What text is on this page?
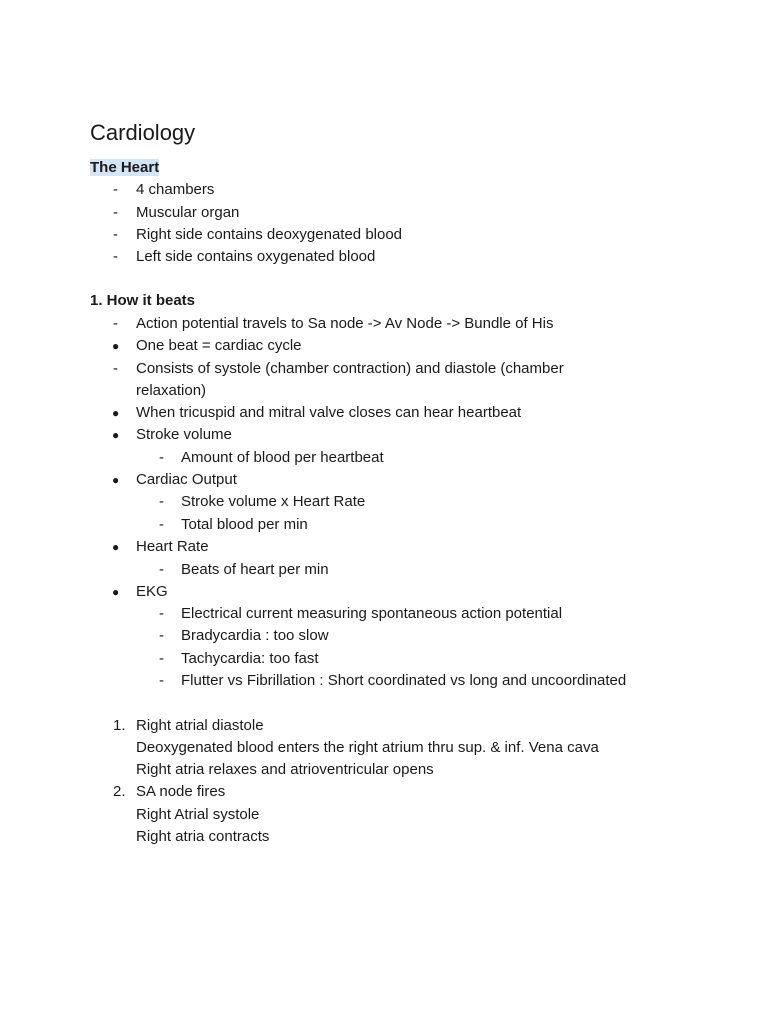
Cardiology
The Heart
- 4 chambers
- Muscular organ
- Right side contains deoxygenated blood
- Left side contains oxygenated blood
1. How it beats
- Action potential travels to Sa node -> Av Node -> Bundle of His
● One beat = cardiac cycle
- Consists of systole (chamber contraction) and diastole (chamber
relaxation)
● When tricuspid and mitral valve closes can hear heartbeat
● Stroke volume
- Amount of blood per heartbeat
● Cardiac Output
- Stroke volume x Heart Rate
- Total blood per min
● Heart Rate
- Beats of heart per min
● EKG
- Electrical current measuring spontaneous action potential
- Bradycardia : too slow
- Tachycardia: too fast
- Flutter vs Fibrillation : Short coordinated vs long and uncoordinated
1. Right atrial diastole
Deoxygenated blood enters the right atrium thru sup. & inf. Vena cava
Right atria relaxes and atrioventricular opens
2. SA node fires
Right Atrial systole
Right atria contracts
